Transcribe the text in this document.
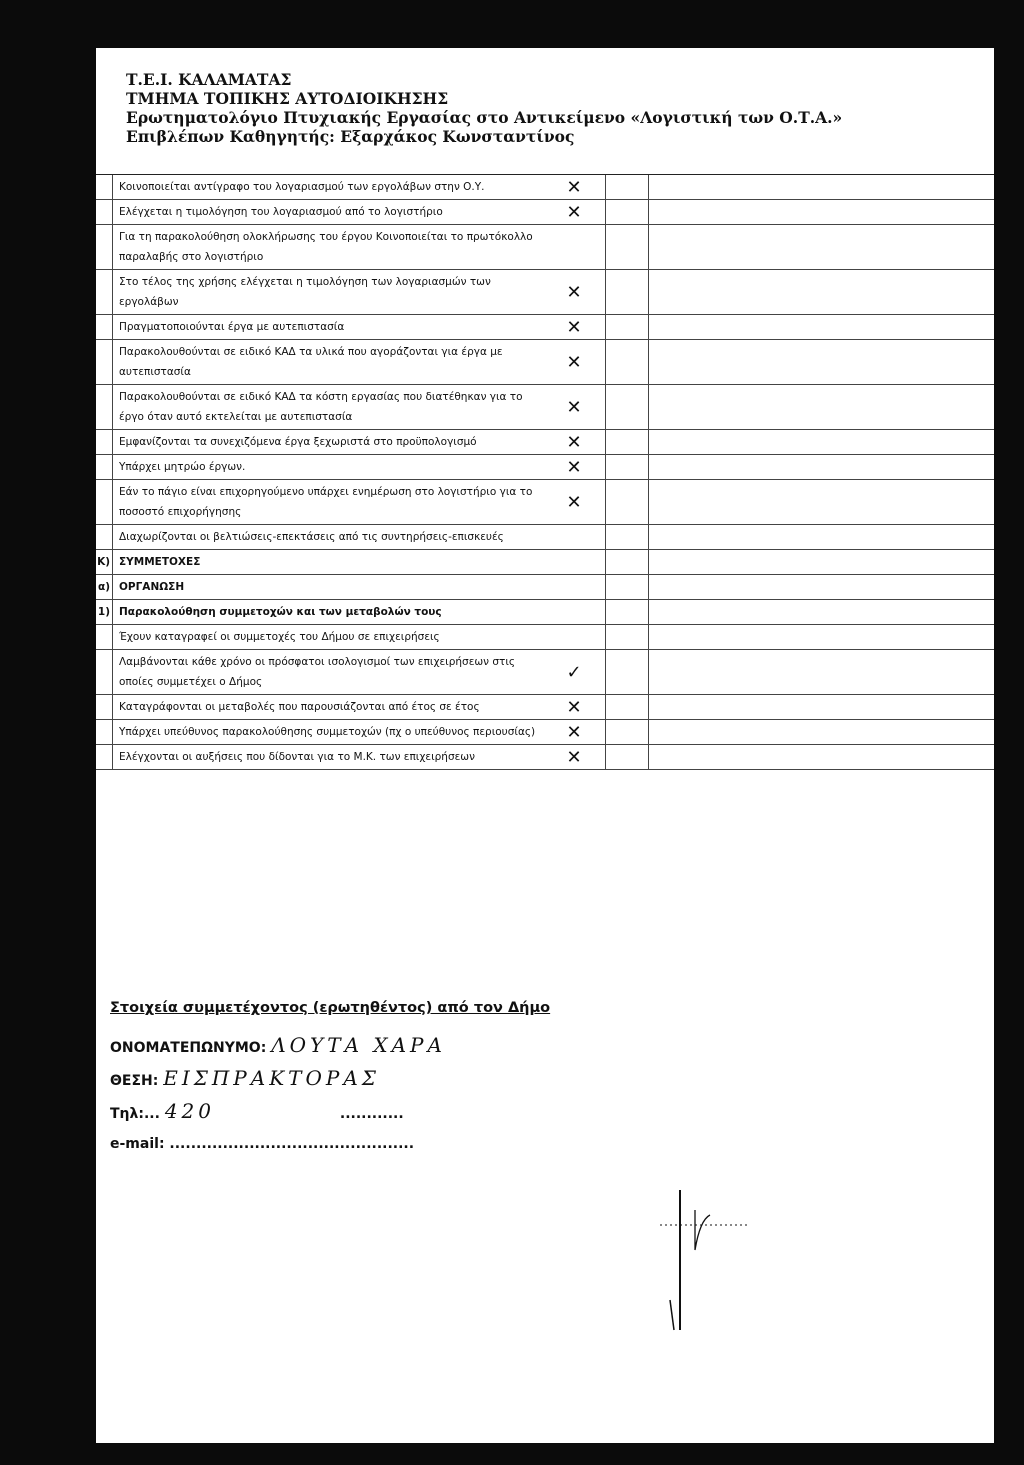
Τ.Ε.Ι. ΚΑΛΑΜΑΤΑΣ
ΤΜΗΜΑ ΤΟΠΙΚΗΣ ΑΥΤΟΔΙΟΙΚΗΣΗΣ
Ερωτηματολόγιο Πτυχιακής Εργασίας στο Αντικείμενο «Λογιστική των Ο.Τ.Α.»
Επιβλέπων Καθηγητής: Εξαρχάκος Κωνσταντίνος
Κοινοποιείται αντίγραφο του λογαριασμού των εργολάβων στην Ο.Υ.	✕
Ελέγχεται η τιμολόγηση του λογαριασμού από το λογιστήριο	✕
Για τη παρακολούθηση ολοκλήρωσης του έργου Κοινοποιείται το πρωτόκολλο παραλαβής στο λογιστήριο
Στο τέλος της χρήσης ελέγχεται η τιμολόγηση των λογαριασμών των εργολάβων	✕
Πραγματοποιούνται έργα με αυτεπιστασία	✕
Παρακολουθούνται σε ειδικό ΚΑΔ τα υλικά που αγοράζονται για έργα με αυτεπιστασία	✕
Παρακολουθούνται σε ειδικό ΚΑΔ τα κόστη εργασίας που διατέθηκαν για το έργο όταν αυτό εκτελείται με αυτεπιστασία	✕
Εμφανίζονται τα συνεχιζόμενα έργα ξεχωριστά στο προϋπολογισμό	✕
Υπάρχει μητρώο έργων.	✕
Εάν το πάγιο είναι επιχορηγούμενο υπάρχει ενημέρωση στο λογιστήριο για το ποσοστό επιχορήγησης	✕
Διαχωρίζονται οι βελτιώσεις-επεκτάσεις από τις συντηρήσεις-επισκευές
Κ) ΣΥΜΜΕΤΟΧΕΣ
α) ΟΡΓΑΝΩΣΗ
1) Παρακολούθηση συμμετοχών και των μεταβολών τους
Έχουν καταγραφεί οι συμμετοχές του Δήμου σε επιχειρήσεις
Λαμβάνονται κάθε χρόνο οι πρόσφατοι ισολογισμοί των επιχειρήσεων στις οποίες συμμετέχει ο Δήμος	✓
Καταγράφονται οι μεταβολές που παρουσιάζονται από έτος σε έτος	✕
Υπάρχει υπεύθυνος παρακολούθησης συμμετοχών (πχ ο υπεύθυνος περιουσίας)	✕
Ελέγχονται οι αυξήσεις που δίδονται για το Μ.Κ. των επιχειρήσεων	✕
Στοιχεία συμμετέχοντος (ερωτηθέντος) από τον Δήμο
ΟΝΟΜΑΤΕΠΩΝΥΜΟ: ΛΟΥΤΑ ΧΑΡΑ
ΘΕΣΗ: ΕΙΣΠΡΑΚΤΟΡΑΣ
Τηλ:... 420	............
e-mail: ..............................................
